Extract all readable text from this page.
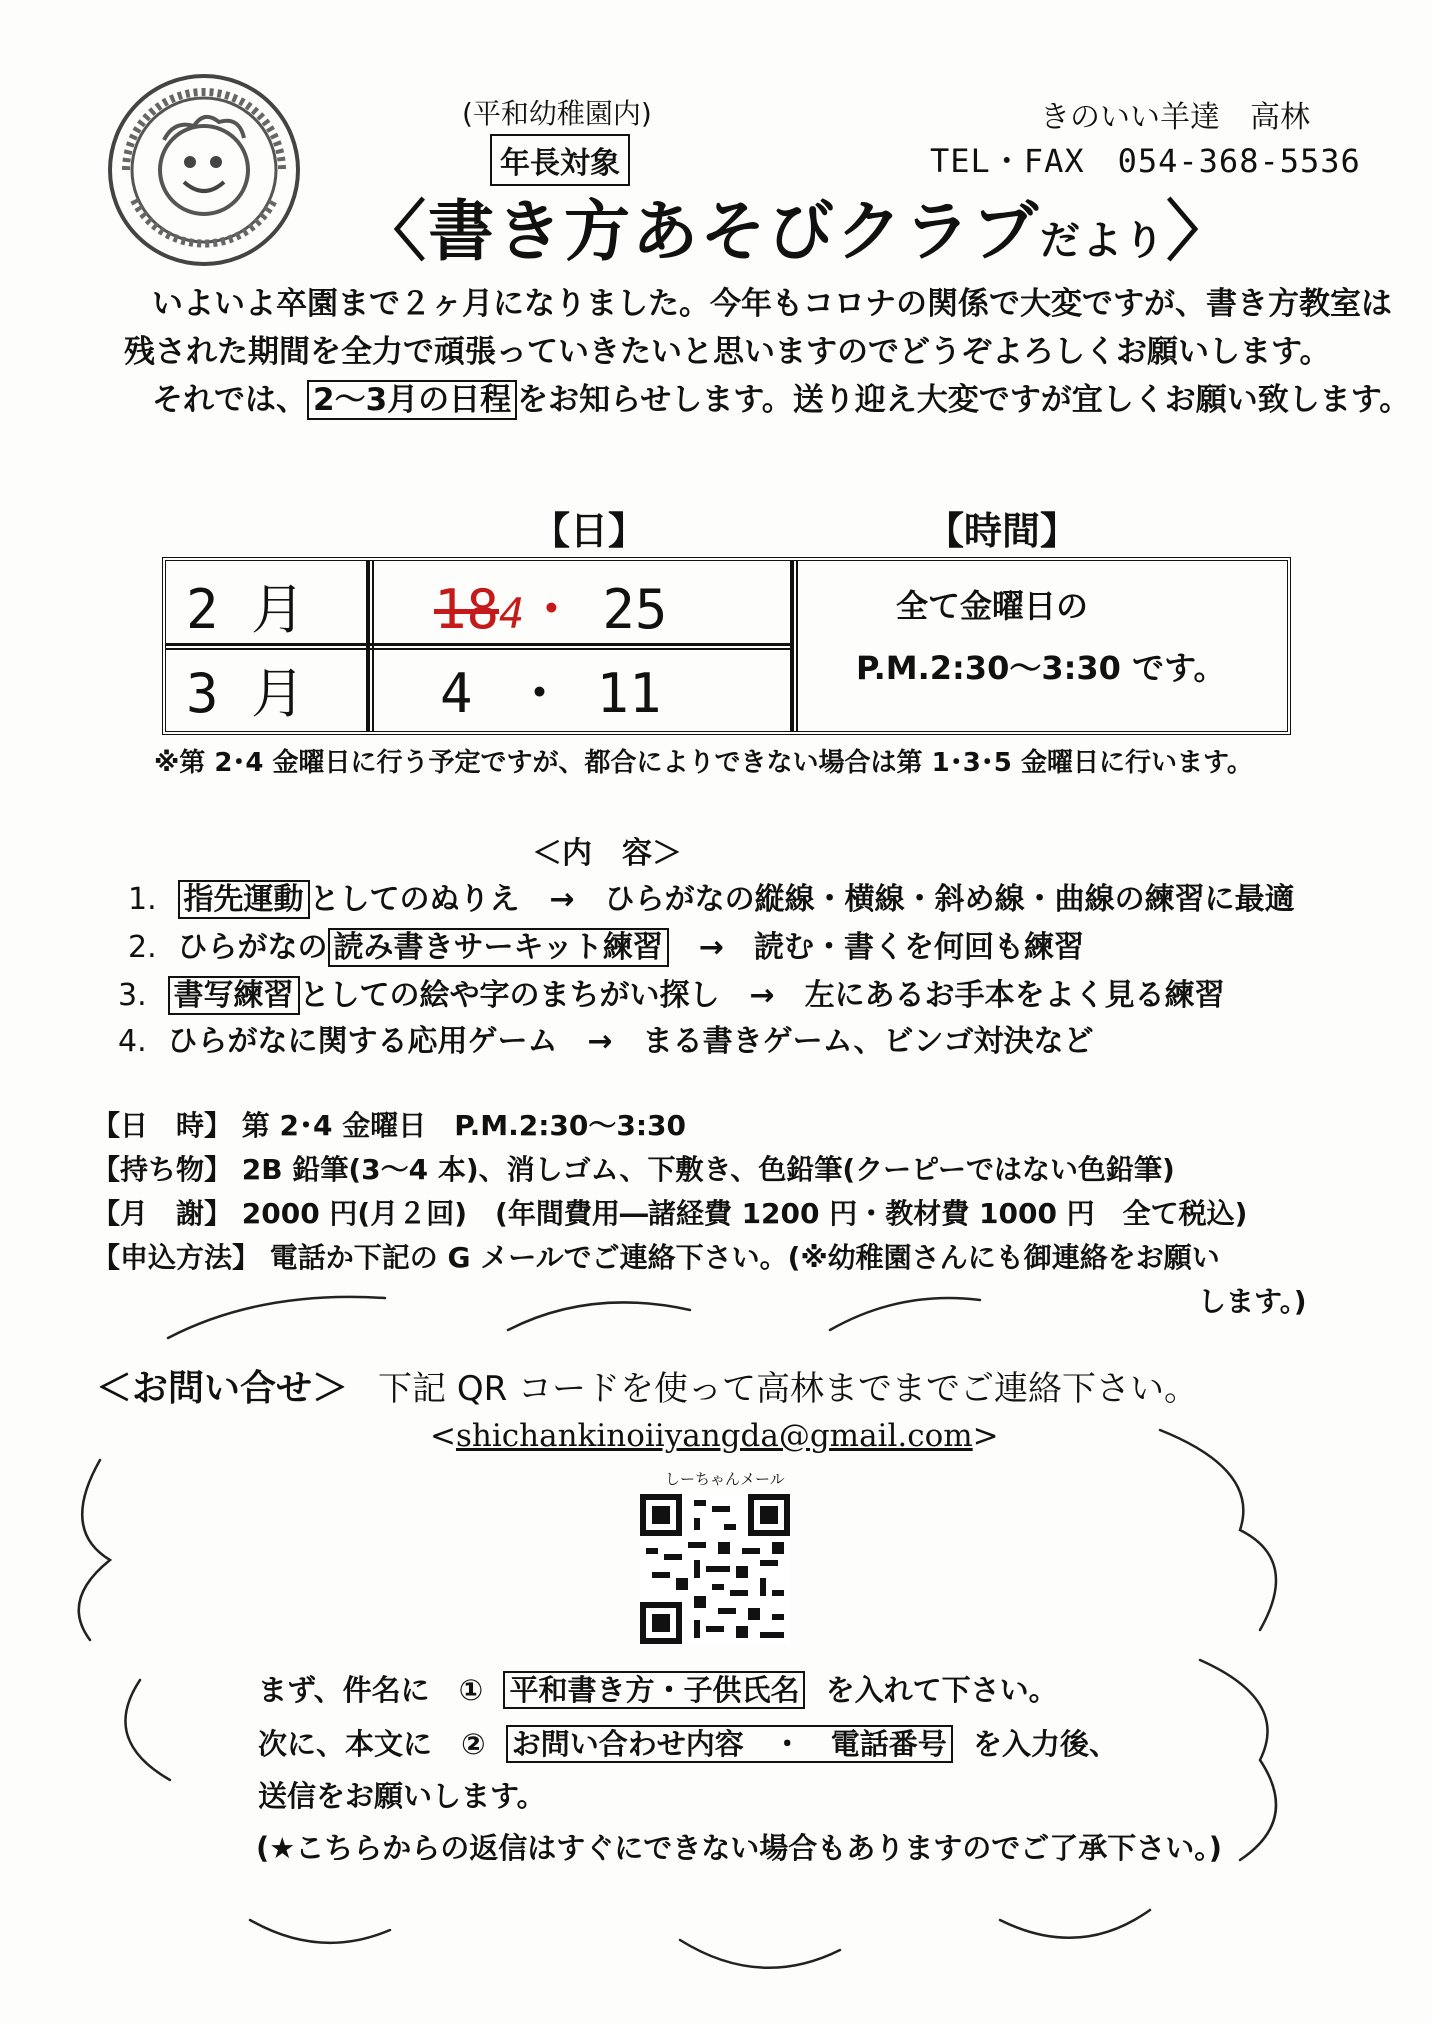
(平和幼稚園内)
年長対象
きのいい羊達　高林
TEL・FAX　054-368-5536
〈書き方あそびクラブだより〉
いよいよ卒園まで２ヶ月になりました。今年もコロナの関係で大変ですが、書き方教室は
残された期間を全力で頑張っていきたいと思いますのでどうぞよろしくお願いします。
それでは、 2〜3月の日程 をお知らせします。送り迎え大変ですが宜しくお願い致します。
【日】	【時間】
2 月 184・ 25
3 月 4 ・ 11
全て金曜日の
P.M.2:30〜3:30 です。
※第 2･4 金曜日に行う予定ですが、都合によりできない場合は第 1･3･5 金曜日に行います。
＜内　容＞
1. 指先運動 としてのぬりえ　→　ひらがなの縦線・横線・斜め線・曲線の練習に最適
2. ひらがなの 読み書きサーキット練習　→　読む・書くを何回も練習
3. 書写練習 としての絵や字のまちがい探し　→　左にあるお手本をよく見る練習
4. ひらがなに関する応用ゲーム　→　まる書きゲーム、ビンゴ対決など
【日　時】 第 2･4 金曜日　P.M.2:30〜3:30
【持ち物】 2B 鉛筆(3〜4 本)、消しゴム、下敷き、色鉛筆(クーピーではない色鉛筆)
【月　謝】 2000 円(月２回)　(年間費用―諸経費 1200 円・教材費 1000 円　全て税込)
【申込方法】 電話か下記の G メールでご連絡下さい。(※幼稚園さんにも御連絡をお願い
します。)
＜お問い合せ＞ 下記 QR コードを使って高林までまでご連絡下さい。
<shichankinoiiyangda@gmail.com>
しーちゃんメール
まず、件名に　① 平和書き方・子供氏名 を入れて下さい。
次に、本文に　② お問い合わせ内容　・　電話番号 を入力後、
送信をお願いします。
(★こちらからの返信はすぐにできない場合もありますのでご了承下さい。)
